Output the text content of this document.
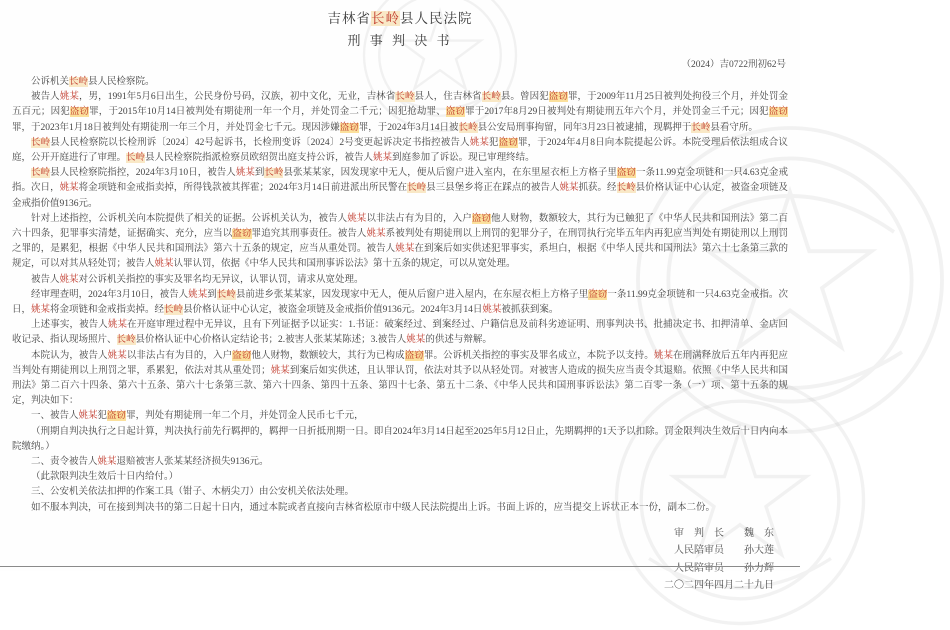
吉林省长岭县人民法院
刑 事 判 决 书
（2024）吉0722刑初62号
公诉机关长岭县人民检察院。
被告人姚某，男，1991年5月6日出生，公民身份号码，汉族，初中文化，无业，吉林省长岭县人，住吉林省长岭县。曾因犯盗窃罪，于2009年11月25日被判处拘役三个月，并处罚金五百元；因犯盗窃罪，于2015年10月14日被判处有期徒刑一年一个月，并处罚金二千元；因犯抢劫罪、盗窃罪于2017年8月29日被判处有期徒刑五年六个月，并处罚金三千元；因犯盗窃罪，于2023年1月18日被判处有期徒刑一年三个月，并处罚金七千元。现因涉嫌盗窃罪，于2024年3月14日被长岭县公安局刑事拘留，同年3月23日被逮捕，现羁押于长岭县看守所。
长岭县人民检察院以长检刑诉〔2024〕42号起诉书，长检刑变诉〔2024〕2号变更起诉决定书指控被告人姚某犯盗窃罪，于2024年4月8日向本院提起公诉。本院受理后依法组成合议庭，公开开庭进行了审理。长岭县人民检察院指派检察员欧绍贺出庭支持公诉，被告人姚某到庭参加了诉讼。现已审理终结。
长岭县人民检察院指控，2024年3月10日，被告人姚某到长岭县张某某家，因发现家中无人，便从后窗户进入室内，在东里屋衣柜上方格子里盗窃一条11.99克金项链和一只4.63克金戒指。次日，姚某将金项链和金戒指卖掉，所得钱款被其挥霍；2024年3月14日前进派出所民警在长岭县三县堡乡将正在踩点的被告人姚某抓获。经长岭县价格认证中心认定，被盗金项链及金戒指价值9136元。
针对上述指控，公诉机关向本院提供了相关的证据。公诉机关认为，被告人姚某以非法占有为目的，入户盗窃他人财物，数额较大，其行为已触犯了《中华人民共和国刑法》第二百六十四条，犯罪事实清楚，证据确实、充分，应当以盗窃罪追究其刑事责任。被告人姚某系被判处有期徒刑以上刑罚的犯罪分子，在刑罚执行完毕五年内再犯应当判处有期徒刑以上刑罚之罪的，是累犯，根据《中华人民共和国刑法》第六十五条的规定，应当从重处罚。被告人姚某在到案后如实供述犯罪事实，系坦白，根据《中华人民共和国刑法》第六十七条第三款的规定，可以对其从轻处罚；被告人姚某认罪认罚，依据《中华人民共和国刑事诉讼法》第十五条的规定，可以从宽处理。
被告人姚某对公诉机关指控的事实及罪名均无异议，认罪认罚，请求从宽处理。
经审理查明，2024年3月10日，被告人姚某到长岭县前进乡张某某家，因发现家中无人，便从后窗户进入屋内，在东屋衣柜上方格子里盗窃一条11.99克金项链和一只4.63克金戒指。次日，姚某将金项链和金戒指卖掉。经长岭县价格认证中心认定，被盗金项链及金戒指价值9136元。2024年3月14日姚某被抓获到案。
上述事实，被告人姚某在开庭审理过程中无异议，且有下列证据予以证实：1.书证：破案经过、到案经过、户籍信息及前科劣迹证明、刑事判决书、批捕决定书、扣押清单、金店回收记录、指认现场照片、长岭县价格认证中心价格认定结论书；2.被害人张某某陈述；3.被告人姚某的供述与辩解。
本院认为，被告人姚某以非法占有为目的，入户盗窃他人财物，数额较大，其行为已构成盗窃罪。公诉机关指控的事实及罪名成立，本院予以支持。姚某在刑满释放后五年内再犯应当判处有期徒刑以上刑罚之罪，系累犯，依法对其从重处罚；姚某到案后如实供述，且认罪认罚，依法对其予以从轻处罚。对被害人造成的损失应当责令其退赔。依照《中华人民共和国刑法》第二百六十四条、第六十五条、第六十七条第三款、第六十四条、第四十五条、第四十七条、第五十二条、《中华人民共和国刑事诉讼法》第二百零一条（一）项、第十五条的规定，判决如下：
一、被告人姚某犯盗窃罪，判处有期徒刑一年二个月，并处罚金人民币七千元，
（刑期自判决执行之日起计算，判决执行前先行羁押的，羁押一日折抵刑期一日。即自2024年3月14日起至2025年5月12日止，先期羁押的1天予以扣除。罚金限判决生效后十日内向本院缴纳。）
二、责令被告人姚某退赔被害人张某某经济损失9136元。
（此款限判决生效后十日内给付。）
三、公安机关依法扣押的作案工具（钳子、木柄尖刀）由公安机关依法处理。
如不服本判决，可在接到判决书的第二日起十日内，通过本院或者直接向吉林省松原市中级人民法院提出上诉。书面上诉的，应当提交上诉状正本一份，副本二份。
审　判　长　　魏　东
人民陪审员　　孙大莲
人民陪审员　　孙力辉
二〇二四年四月二十九日
